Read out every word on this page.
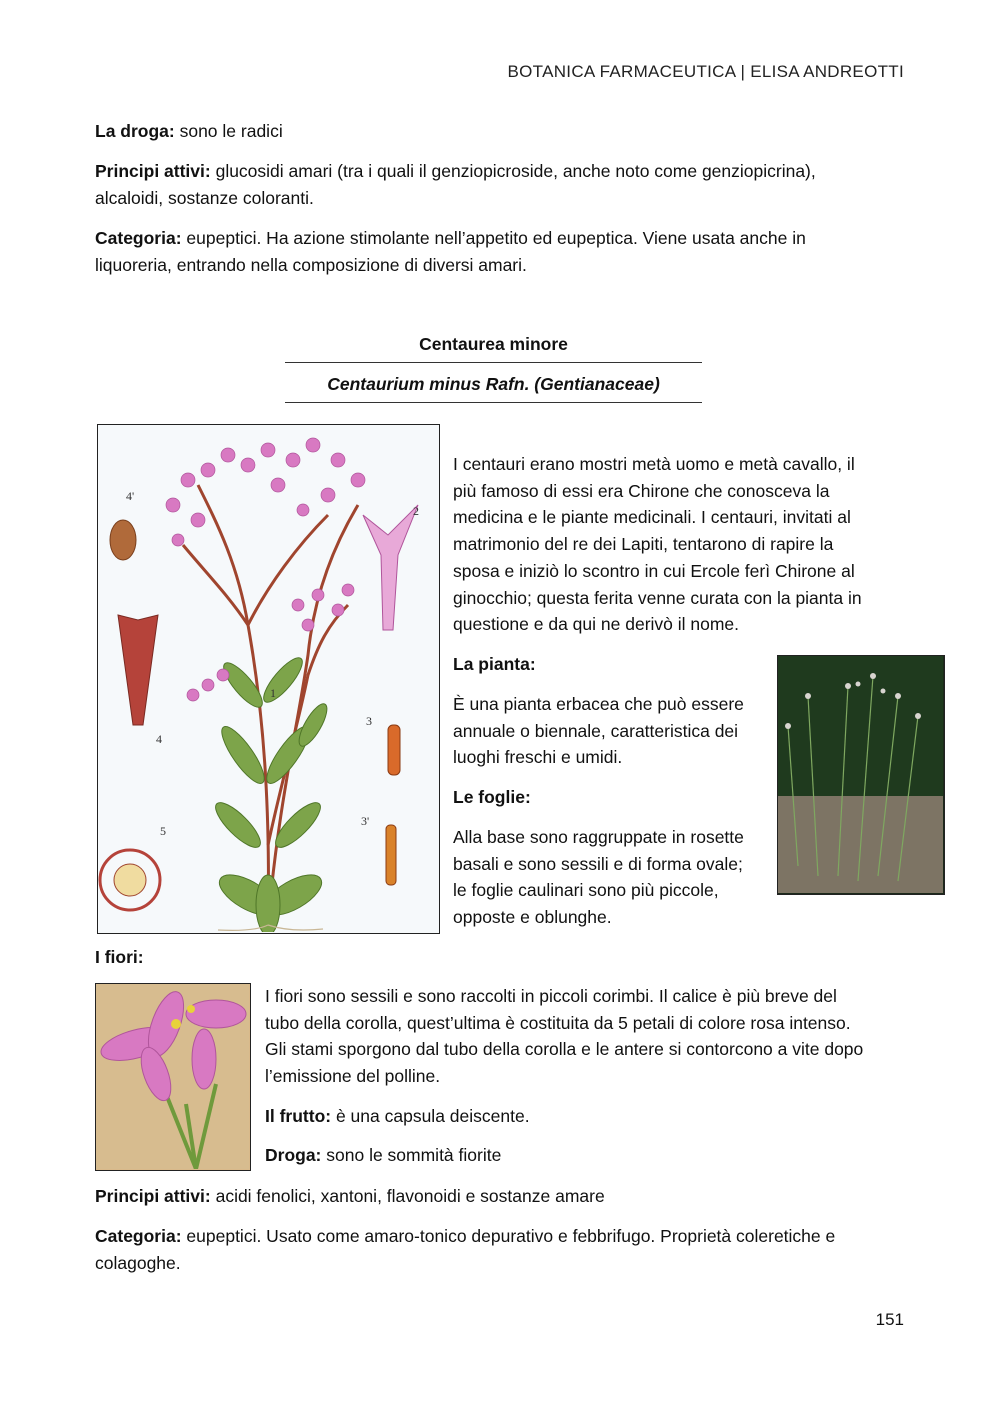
BOTANICA FARMACEUTICA | ELISA ANDREOTTI
La droga: sono le radici
Principi attivi: glucosidi amari (tra i quali il genziopicroside, anche noto come genziopicrina),
alcaloidi, sostanze coloranti.
Categoria: eupeptici. Ha azione stimolante nell’appetito ed eupeptica. Viene usata anche in
liquoreria, entrando nella composizione di diversi amari.
Centaurea minore
Centaurium minus Rafn. (Gentianaceae)
4'
2
1
4
3
5
3'
I centauri erano mostri metà uomo e metà cavallo, il
più famoso di essi era Chirone che conosceva la
medicina e le piante medicinali. I centauri, invitati al
matrimonio del re dei Lapiti, tentarono di rapire la
sposa e iniziò lo scontro in cui Ercole ferì Chirone al
ginocchio; questa ferita venne curata con la pianta in
questione e da qui ne derivò il nome.
La pianta:
È una pianta erbacea che può essere
annuale o biennale, caratteristica dei
luoghi freschi e umidi.
Le foglie:
Alla base sono raggruppate in rosette
basali e sono sessili e di forma ovale;
le foglie caulinari sono più piccole,
opposte e oblunghe.
I fiori:
I fiori sono sessili e sono raccolti in piccoli corimbi. Il calice è più breve del
tubo della corolla, quest’ultima è costituita da 5 petali di colore rosa intenso.
Gli stami sporgono dal tubo della corolla e le antere si contorcono a vite dopo
l’emissione del polline.
Il frutto: è una capsula deiscente.
Droga: sono le sommità fiorite
Principi attivi: acidi fenolici, xantoni, flavonoidi e sostanze amare
Categoria: eupeptici. Usato come amaro-tonico depurativo e febbrifugo. Proprietà coleretiche e
colagoghe.
151
